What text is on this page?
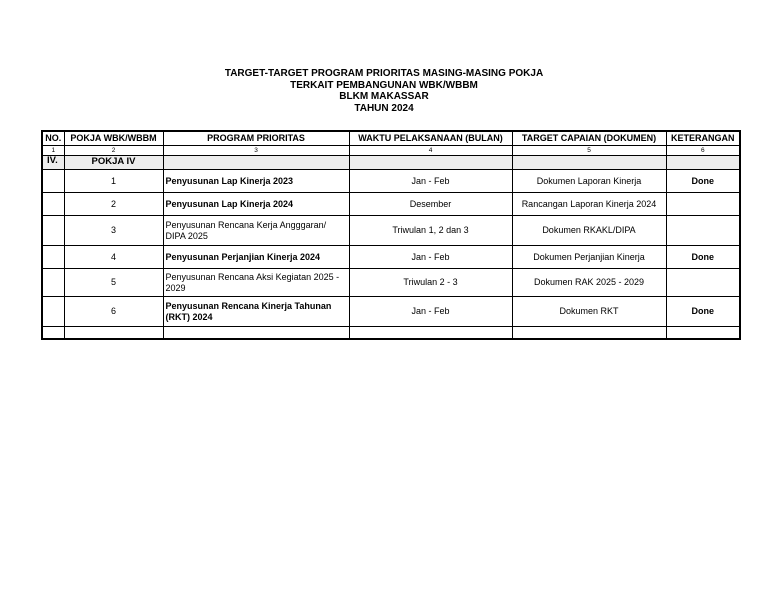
TARGET-TARGET PROGRAM PRIORITAS MASING-MASING POKJA
TERKAIT PEMBANGUNAN WBK/WBBM
BLKM MAKASSAR
TAHUN 2024
NO.	POKJA WBK/WBBM	PROGRAM PRIORITAS	WAKTU PELAKSANAAN (BULAN)	TARGET CAPAIAN (DOKUMEN)	KETERANGAN
1	2	3	4	5	6
IV.	POKJA IV				
	1	Penyusunan Lap Kinerja 2023	Jan - Feb	Dokumen Laporan Kinerja	Done
	2	Penyusunan Lap Kinerja 2024	Desember	Rancangan Laporan Kinerja 2024	
	3	Penyusunan Rencana Kerja Angggaran/ DIPA 2025	Triwulan 1, 2 dan 3	Dokumen RKAKL/DIPA	
	4	Penyusunan Perjanjian Kinerja 2024	Jan - Feb	Dokumen Perjanjian Kinerja	Done
	5	Penyusunan Rencana Aksi Kegiatan 2025 - 2029	Triwulan 2 - 3	Dokumen RAK 2025 - 2029	
	6	Penyusunan Rencana Kinerja Tahunan (RKT) 2024	Jan - Feb	Dokumen RKT	Done
